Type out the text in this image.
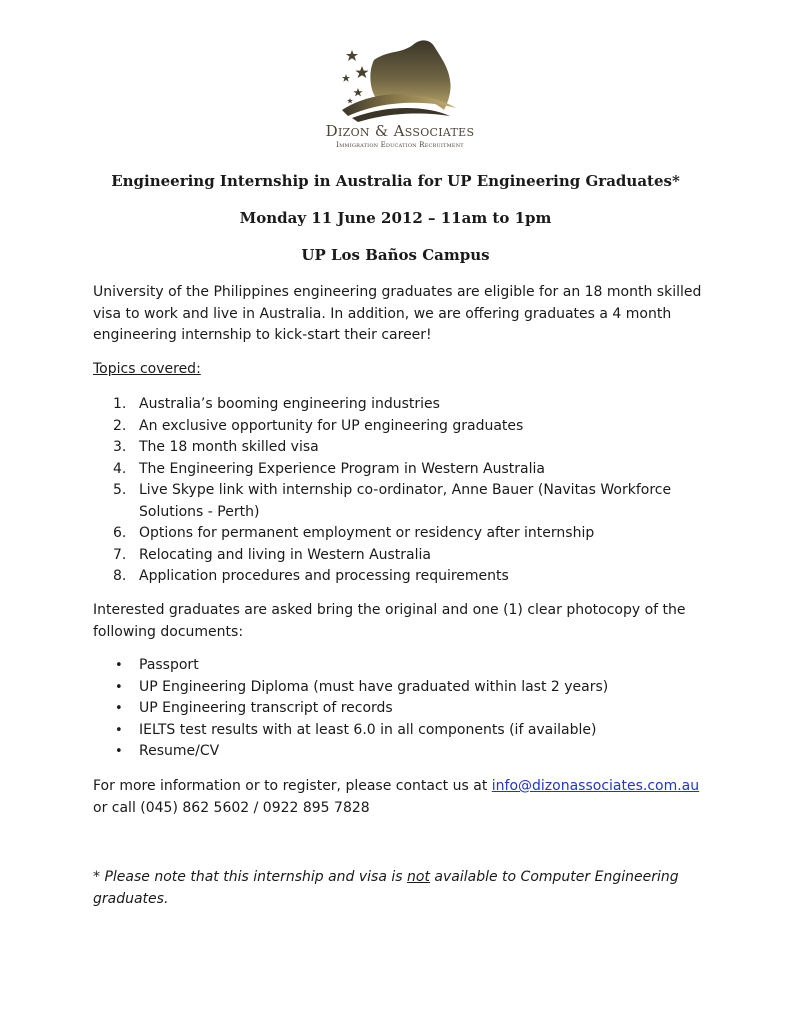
Dizon & Associates
Immigration Education Recruitment
Engineering Internship in Australia for UP Engineering Graduates*
Monday 11 June 2012 – 11am to 1pm
UP Los Baños Campus
University of the Philippines engineering graduates are eligible for an 18 month skilled visa to work and live in Australia. In addition, we are offering graduates a 4 month engineering internship to kick-start their career!
Topics covered:
1. Australia’s booming engineering industries
2. An exclusive opportunity for UP engineering graduates
3. The 18 month skilled visa
4. The Engineering Experience Program in Western Australia
5. Live Skype link with internship co-ordinator, Anne Bauer (Navitas Workforce Solutions - Perth)
6. Options for permanent employment or residency after internship
7. Relocating and living in Western Australia
8. Application procedures and processing requirements
Interested graduates are asked bring the original and one (1) clear photocopy of the following documents:
• Passport
• UP Engineering Diploma (must have graduated within last 2 years)
• UP Engineering transcript of records
• IELTS test results with at least 6.0 in all components (if available)
• Resume/CV
For more information or to register, please contact us at info@dizonassociates.com.au
or call (045) 862 5602 / 0922 895 7828
* Please note that this internship and visa is not available to Computer Engineering graduates.
